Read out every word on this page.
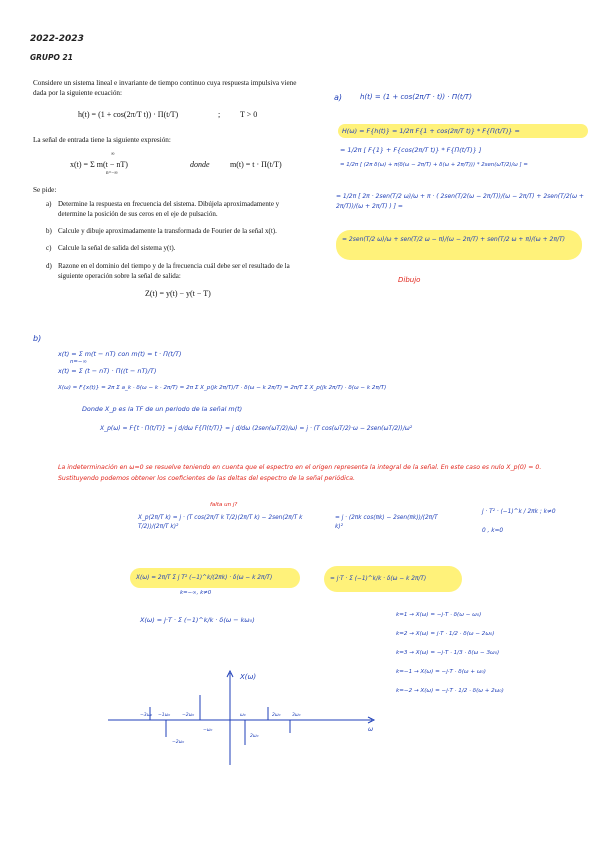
2022-2023
GRUPO 21
Considere un sistema lineal e invariante de tiempo continuo cuya respuesta impulsiva viene dada por la siguiente ecuación:
h(t) = (1 + cos(2π/T t)) · Π(t/T)	; T > 0
La señal de entrada tiene la siguiente expresión:
x(t) = Σ m(t − nT)
∞
n=−∞
donde	m(t) = t · Π(t/T)
Se pide:
a) Determine la respuesta en frecuencia del sistema. Dibújela aproximadamente y determine la posición de sus ceros en el eje de pulsación.
b) Calcule y dibuje aproximadamente la transformada de Fourier de la señal x(t).
c) Calcule la señal de salida del sistema y(t).
d) Razone en el dominio del tiempo y de la frecuencia cuál debe ser el resultado de la siguiente operación sobre la señal de salida:
Z(t) = y(t) − y(t − T)
a)	h(t) = (1 + cos(2π/T · t)) · Π(t/T)
H(ω) = F{h(t)} = 1/2π F{1 + cos(2π/T t)} * F{Π(t/T)} =
= 1/2π [ F{1} + F{cos(2π/T t)} * F{Π(t/T)} ]
= 1/2π [ (2π δ(ω) + π(δ(ω − 2π/T) + δ(ω + 2π/T))) * 2sen(ωT/2)/ω ] =
= 1/2π [ 2π · 2sen(T/2 ω)/ω + π · ( 2sen(T/2(ω − 2π/T))/(ω − 2π/T) + 2sen(T/2(ω + 2π/T))/(ω + 2π/T) ) ] =
= 2sen(T/2 ω)/ω + sen(T/2 ω − π)/(ω − 2π/T) + sen(T/2 ω + π)/(ω + 2π/T)
Dibujo
b)
x(t) = Σ m(t − nT) con m(t) = t · Π(t/T)
n=−∞
x(t) = Σ (t − nT) · Π((t − nT)/T)
X(ω) = F{x(t)} = 2π Σ a_k · δ(ω − k · 2π/T) = 2π Σ X_p(jk 2π/T)/T · δ(ω − k 2π/T) = 2π/T Σ X_p(jk 2π/T) · δ(ω − k 2π/T)
Donde X_p es la TF de un periodo de la señal m(t)
X_p(ω) = F{t · Π(t/T)} = j d/dω F{Π(t/T)} = j d/dω (2sen(ωT/2)/ω) = j · (T cos(ωT/2)·ω − 2sen(ωT/2))/ω²
La indeterminación en ω=0 se resuelve teniendo en cuenta que el espectro en el origen representa la integral de la señal. En este caso es nulo X_p(0) = 0. Sustituyendo podemos obtener los coeficientes de las deltas del espectro de la señal periódica.
falta un j?
X_p(2π/T k) = j · (T cos(2π/T k T/2)(2π/T k) − 2sen(2π/T k T/2))/(2π/T k)²
= j · (2πk cos(πk) − 2sen(πk))/(2π/T k)²
j · T² · (−1)^k / 2πk ; k≠0
0 , k=0
X(ω) = 2π/T Σ j T² (−1)^k/(2πk) · δ(ω − k 2π/T)
k=−∞, k≠0
= j·T · Σ (−1)^k/k · δ(ω − k 2π/T)
X(ω) = j·T · Σ (−1)^k/k · δ(ω − kω₀)
k=1 → X(ω) = −j·T · δ(ω − ω₀)
k=2 → X(ω) = j·T · 1/2 · δ(ω − 2ω₀)
k=3 → X(ω) = −j·T · 1/3 · δ(ω − 3ω₀)
k=−1 → X(ω) = −j·T · δ(ω + ω₀)
k=−2 → X(ω) = −j·T · 1/2 · δ(ω + 2ω₀)
X(ω)
ω
−3ω₀ −1ω₀	−2ω₀	ω₀	2ω₀	3ω₀
−2ω₀
−ω₀
2ω₀
